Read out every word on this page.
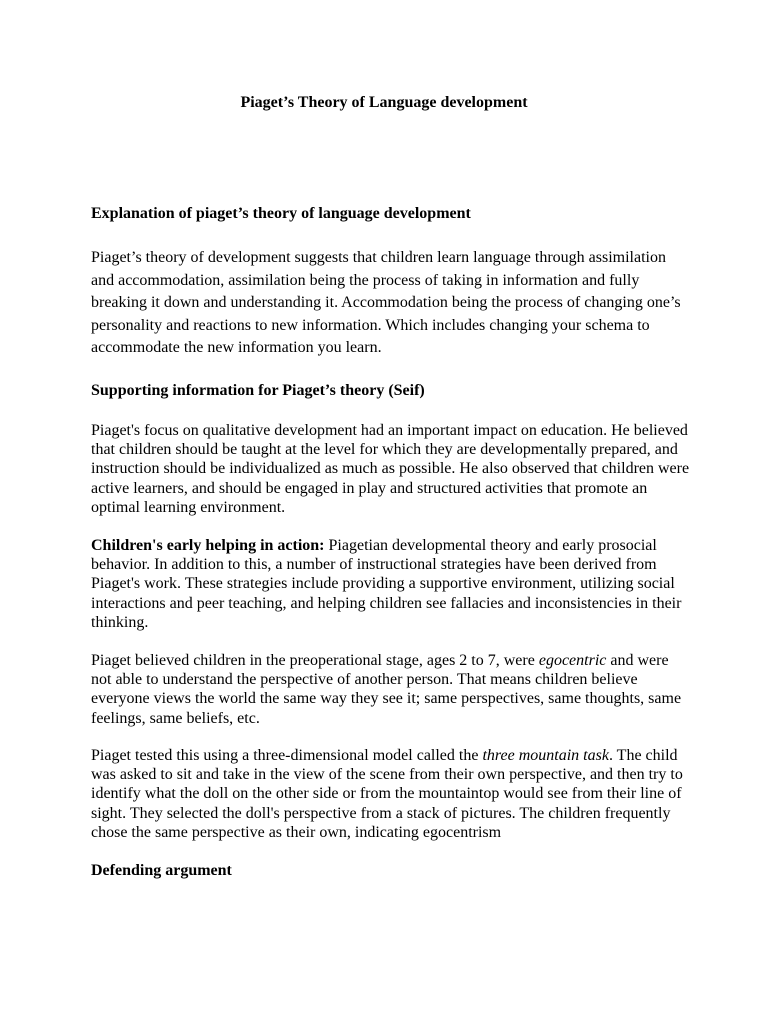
Piaget’s Theory of Language development
Explanation of piaget’s theory of language development

Piaget’s theory of development suggests that children learn language through assimilation and accommodation, assimilation being the process of taking in information and fully breaking it down and understanding it. Accommodation being the process of changing one’s personality and reactions to new information. Which includes changing your schema to accommodate the new information you learn.

Supporting information for Piaget’s theory (Seif)

Piaget's focus on qualitative development had an important impact on education. He believed that children should be taught at the level for which they are developmentally prepared, and instruction should be individualized as much as possible. He also observed that children were active learners, and should be engaged in play and structured activities that promote an optimal learning environment.

Children's early helping in action: Piagetian developmental theory and early prosocial behavior. In addition to this, a number of instructional strategies have been derived from Piaget's work. These strategies include providing a supportive environment, utilizing social interactions and peer teaching, and helping children see fallacies and inconsistencies in their thinking.

Piaget believed children in the preoperational stage, ages 2 to 7, were egocentric and were not able to understand the perspective of another person. That means children believe everyone views the world the same way they see it; same perspectives, same thoughts, same feelings, same beliefs, etc.

Piaget tested this using a three-dimensional model called the three mountain task. The child was asked to sit and take in the view of the scene from their own perspective, and then try to identify what the doll on the other side or from the mountaintop would see from their line of sight. They selected the doll's perspective from a stack of pictures. The children frequently chose the same perspective as their own, indicating egocentrism

Defending argument
